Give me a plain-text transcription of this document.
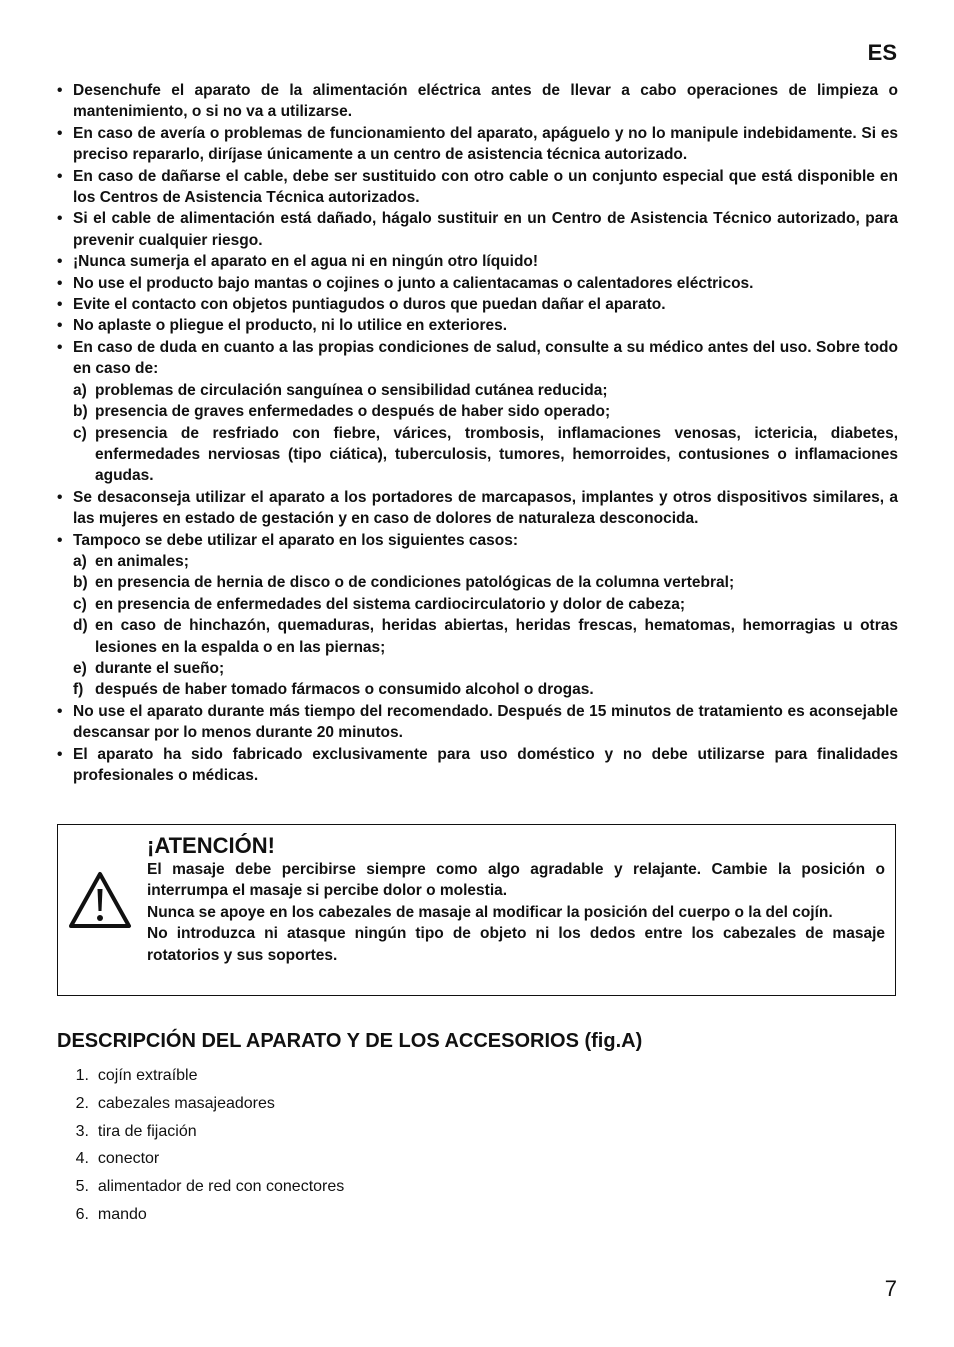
ES
• Desenchufe el aparato de la alimentación eléctrica antes de llevar a cabo operaciones de limpieza o mantenimiento, o si no va a utilizarse.
• En caso de avería o problemas de funcionamiento del aparato, apáguelo y no lo manipule indebidamente. Si es preciso repararlo, diríjase únicamente a un centro de asistencia técnica autorizado.
• En caso de dañarse el cable, debe ser sustituido con otro cable o un conjunto especial que está disponible en los Centros de Asistencia Técnica autorizados.
• Si el cable de alimentación está dañado, hágalo sustituir en un Centro de Asistencia Técnico autorizado, para prevenir cualquier riesgo.
• ¡Nunca sumerja el aparato en el agua ni en ningún otro líquido!
• No use el producto bajo mantas o cojines o junto a calientacamas o calentadores eléctricos.
• Evite el contacto con objetos puntiagudos o duros que puedan dañar el aparato.
• No aplaste o pliegue el producto, ni lo utilice en exteriores.
• En caso de duda en cuanto a las propias condiciones de salud, consulte a su médico antes del uso. Sobre todo en caso de:
a) problemas de circulación sanguínea o sensibilidad cutánea reducida;
b) presencia de graves enfermedades o después de haber sido operado;
c) presencia de resfriado con fiebre, várices, trombosis, inflamaciones venosas, ictericia, diabetes, enfermedades nerviosas (tipo ciática), tuberculosis, tumores, hemorroides, contusiones o inflamaciones agudas.
• Se desaconseja utilizar el aparato a los portadores de marcapasos, implantes y otros dispositivos similares, a las mujeres en estado de gestación y en caso de dolores de naturaleza desconocida.
• Tampoco se debe utilizar el aparato en los siguientes casos:
a) en animales;
b) en presencia de hernia de disco o de condiciones patológicas de la columna vertebral;
c) en presencia de enfermedades del sistema cardiocirculatorio y dolor de cabeza;
d) en caso de hinchazón, quemaduras, heridas abiertas, heridas frescas, hematomas, hemorragias u otras lesiones en la espalda o en las piernas;
e) durante el sueño;
f) después de haber tomado fármacos o consumido alcohol o drogas.
• No use el aparato durante más tiempo del recomendado. Después de 15 minutos de tratamiento es aconsejable descansar por lo menos durante 20 minutos.
• El aparato ha sido fabricado exclusivamente para uso doméstico y no debe utilizarse para finalidades profesionales o médicas.
¡ATENCIÓN!

El masaje debe percibirse siempre como algo agradable y relajante. Cambie la posición o interrumpa el masaje si percibe dolor o molestia.

Nunca se apoye en los cabezales de masaje al modificar la posición del cuerpo o la del cojín.

No introduzca ni atasque ningún tipo de objeto ni los dedos entre los cabezales de masaje rotatorios y sus soportes.

DESCRIPCIÓN DEL APARATO Y DE LOS ACCESORIOS (fig.A)
1. cojín extraíble
2. cabezales masajeadores
3. tira de fijación
4. conector
5. alimentador de red con conectores
6. mando
7
